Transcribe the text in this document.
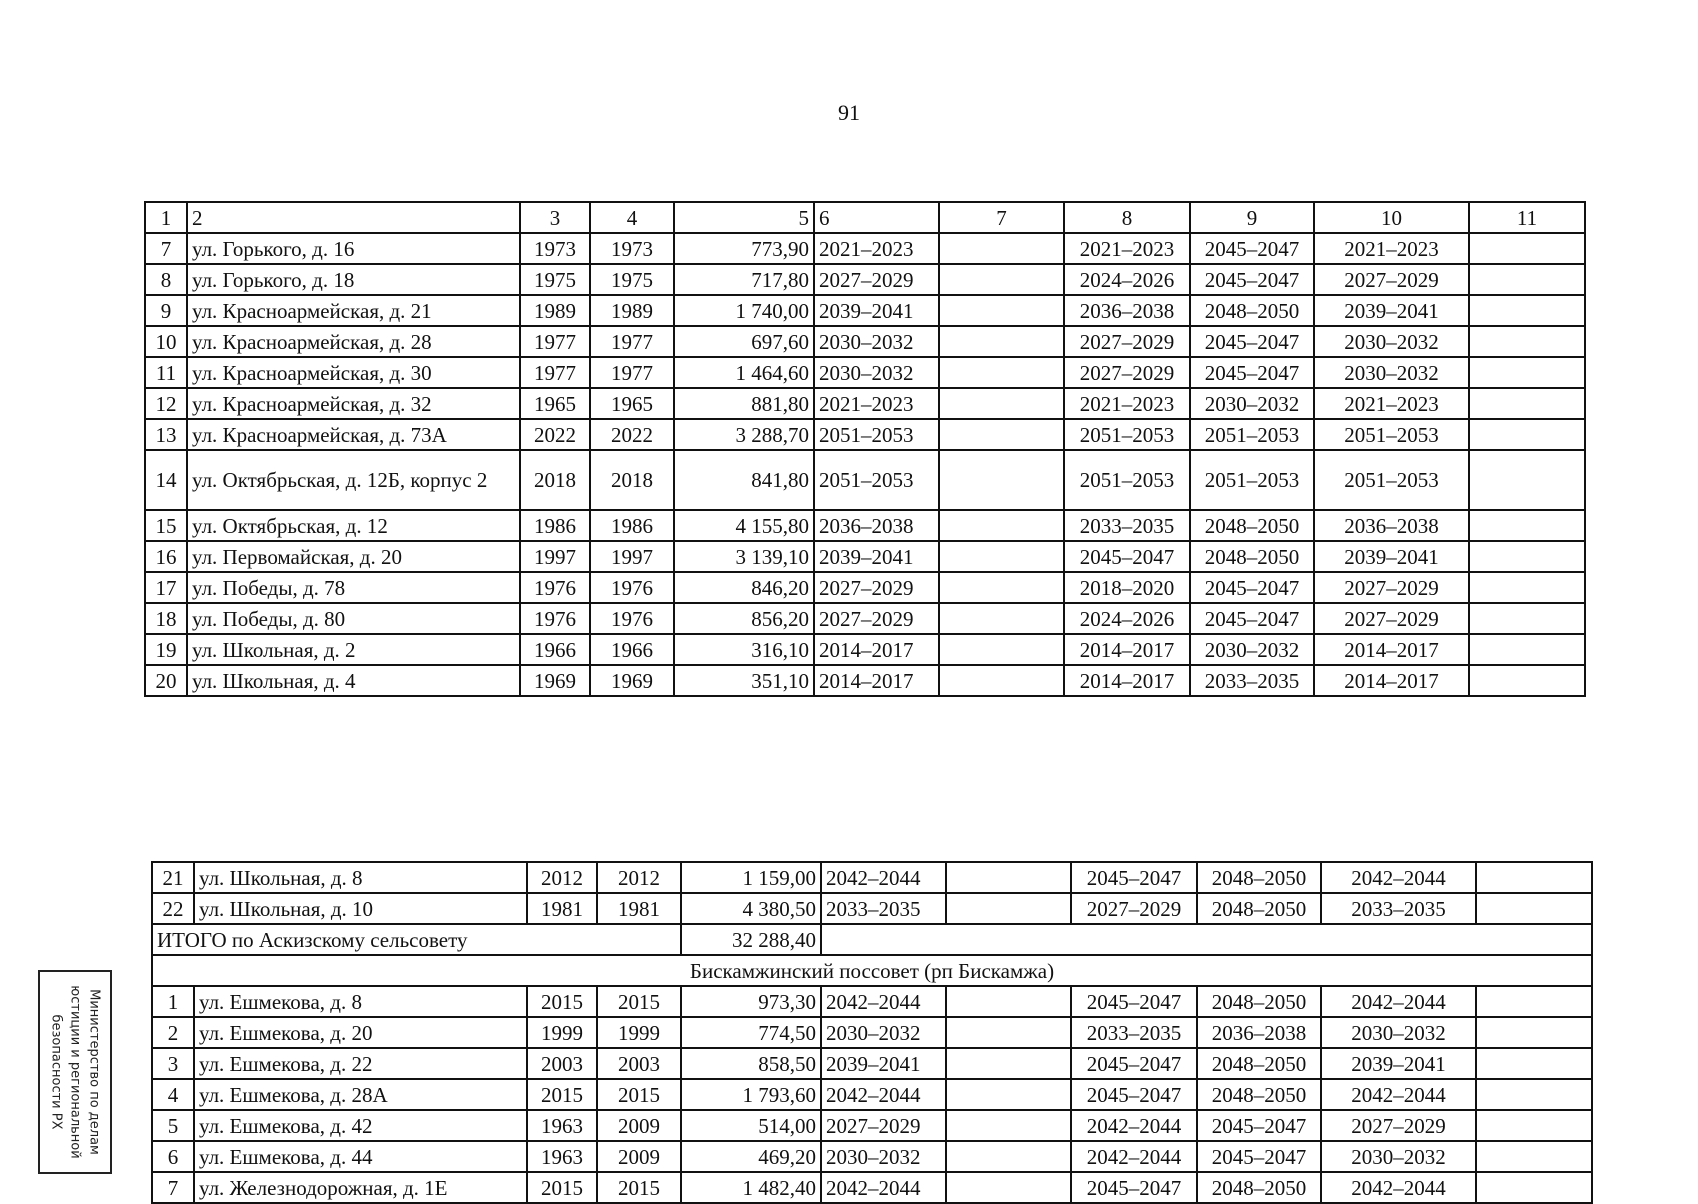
91
1	2	3	4	5	6	7	8	9	10	11
7	ул. Горького, д. 16	1973	1973	773,90	2021–2023		2021–2023	2045–2047	2021–2023	
8	ул. Горького, д. 18	1975	1975	717,80	2027–2029		2024–2026	2045–2047	2027–2029	
9	ул. Красноармейская, д. 21	1989	1989	1 740,00	2039–2041		2036–2038	2048–2050	2039–2041	
10	ул. Красноармейская, д. 28	1977	1977	697,60	2030–2032		2027–2029	2045–2047	2030–2032	
11	ул. Красноармейская, д. 30	1977	1977	1 464,60	2030–2032		2027–2029	2045–2047	2030–2032	
12	ул. Красноармейская, д. 32	1965	1965	881,80	2021–2023		2021–2023	2030–2032	2021–2023	
13	ул. Красноармейская, д. 73А	2022	2022	3 288,70	2051–2053		2051–2053	2051–2053	2051–2053	
14	ул. Октябрьская, д. 12Б, корпус 2	2018	2018	841,80	2051–2053		2051–2053	2051–2053	2051–2053	
15	ул. Октябрьская, д. 12	1986	1986	4 155,80	2036–2038		2033–2035	2048–2050	2036–2038	
16	ул. Первомайская, д. 20	1997	1997	3 139,10	2039–2041		2045–2047	2048–2050	2039–2041	
17	ул. Победы, д. 78	1976	1976	846,20	2027–2029		2018–2020	2045–2047	2027–2029	
18	ул. Победы, д. 80	1976	1976	856,20	2027–2029		2024–2026	2045–2047	2027–2029	
19	ул. Школьная, д. 2	1966	1966	316,10	2014–2017		2014–2017	2030–2032	2014–2017	
20	ул. Школьная, д. 4	1969	1969	351,10	2014–2017		2014–2017	2033–2035	2014–2017	
21	ул. Школьная, д. 8	2012	2012	1 159,00	2042–2044		2045–2047	2048–2050	2042–2044	
22	ул. Школьная, д. 10	1981	1981	4 380,50	2033–2035		2027–2029	2048–2050	2033–2035	
ИТОГО по Аскизскому сельсовету				32 288,40						
Бискамжинский поссовет (рп Бискамжа)										
1	ул. Ешмекова, д. 8	2015	2015	973,30	2042–2044		2045–2047	2048–2050	2042–2044	
2	ул. Ешмекова, д. 20	1999	1999	774,50	2030–2032		2033–2035	2036–2038	2030–2032	
3	ул. Ешмекова, д. 22	2003	2003	858,50	2039–2041		2045–2047	2048–2050	2039–2041	
4	ул. Ешмекова, д. 28А	2015	2015	1 793,60	2042–2044		2045–2047	2048–2050	2042–2044	
5	ул. Ешмекова, д. 42	1963	2009	514,00	2027–2029		2042–2044	2045–2047	2027–2029	
6	ул. Ешмекова, д. 44	1963	2009	469,20	2030–2032		2042–2044	2045–2047	2030–2032	
7	ул. Железнодорожная, д. 1Е	2015	2015	1 482,40	2042–2044		2045–2047	2048–2050	2042–2044	
Министерство по делам
юстиции и региональной
безопасности РХ
